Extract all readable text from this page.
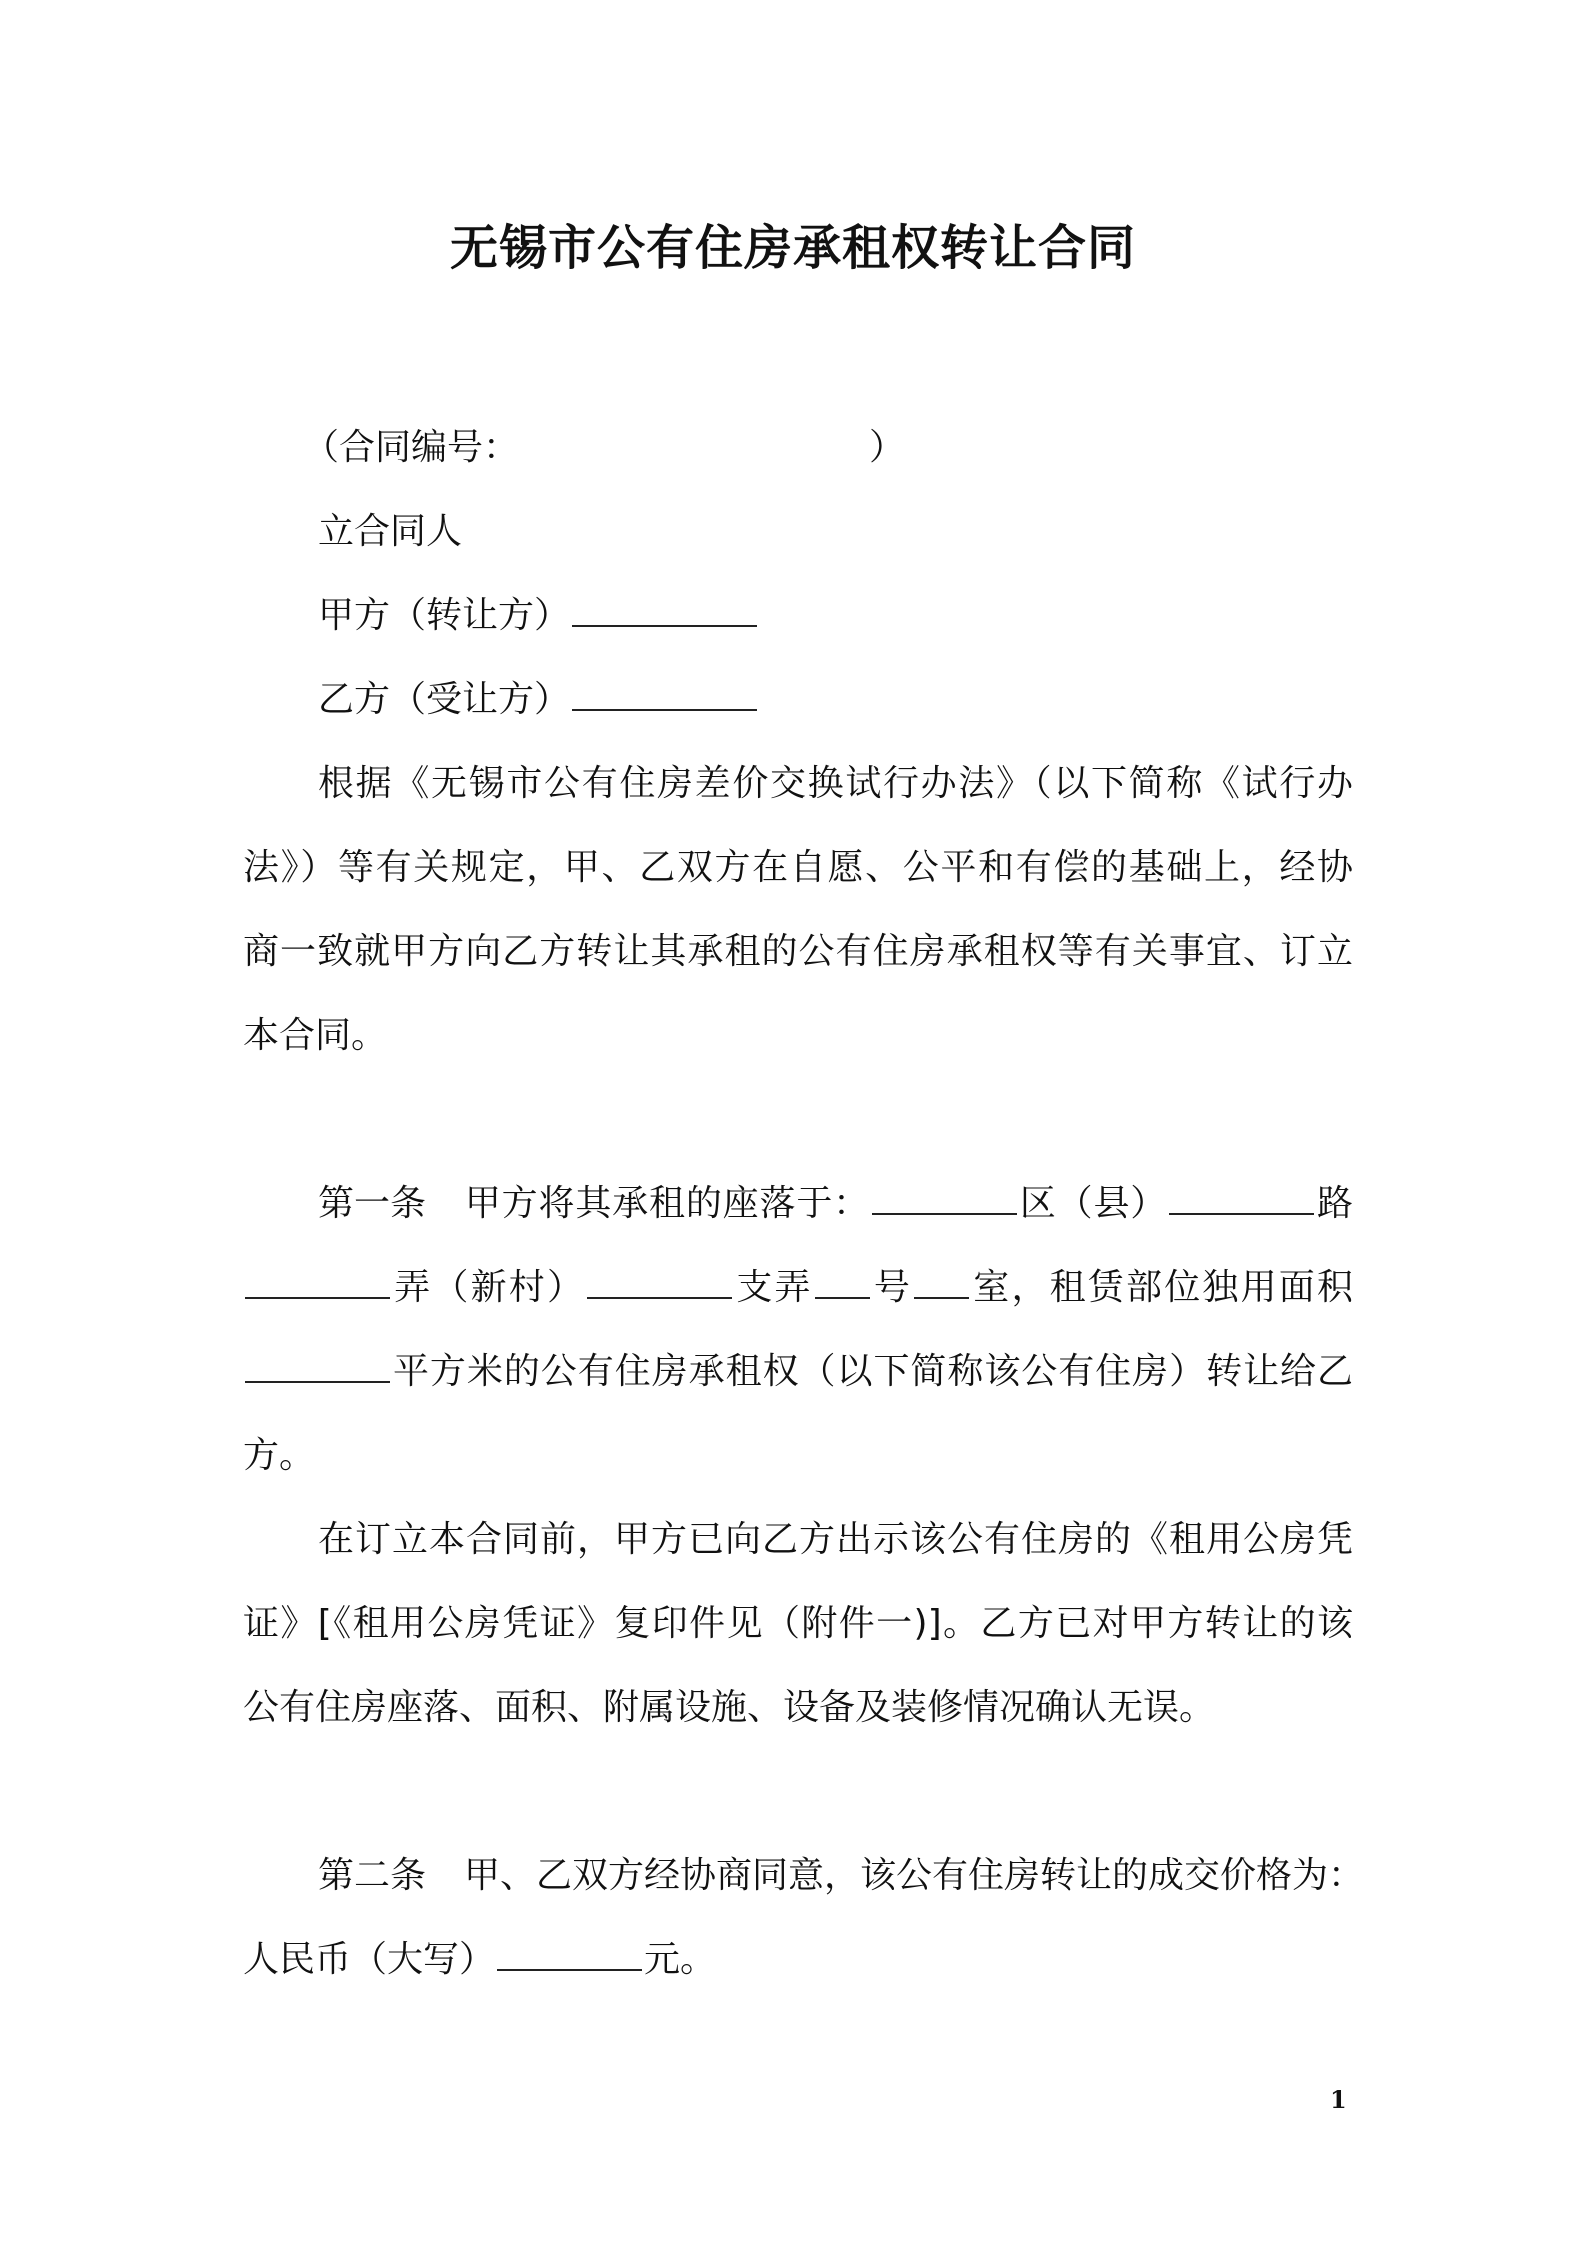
无锡市公有住房承租权转让合同
（合同编号：	）
立合同人
甲方（转让方）
乙方（受让方）
根据《无锡市公有住房差价交换试行办法》（以下简称《试行办
法》）等有关规定，甲、乙双方在自愿、公平和有偿的基础上，经协
商一致就甲方向乙方转让其承租的公有住房承租权等有关事宜、订立
本合同。
第一条 甲方将其承租的座落于：	区（县）	路
弄（新村）	支弄 号 室，租赁部位独用面积
平方米的公有住房承租权（以下简称该公有住房）转让给乙
方。
在订立本合同前，甲方已向乙方出示该公有住房的《租用公房凭
证》[《租用公房凭证》复印件见（附件一)]。乙方已对甲方转让的该
公有住房座落、面积、附属设施、设备及装修情况确认无误。
第二条 甲、乙双方经协商同意，该公有住房转让的成交价格为：
人民币（大写）	元。
1
